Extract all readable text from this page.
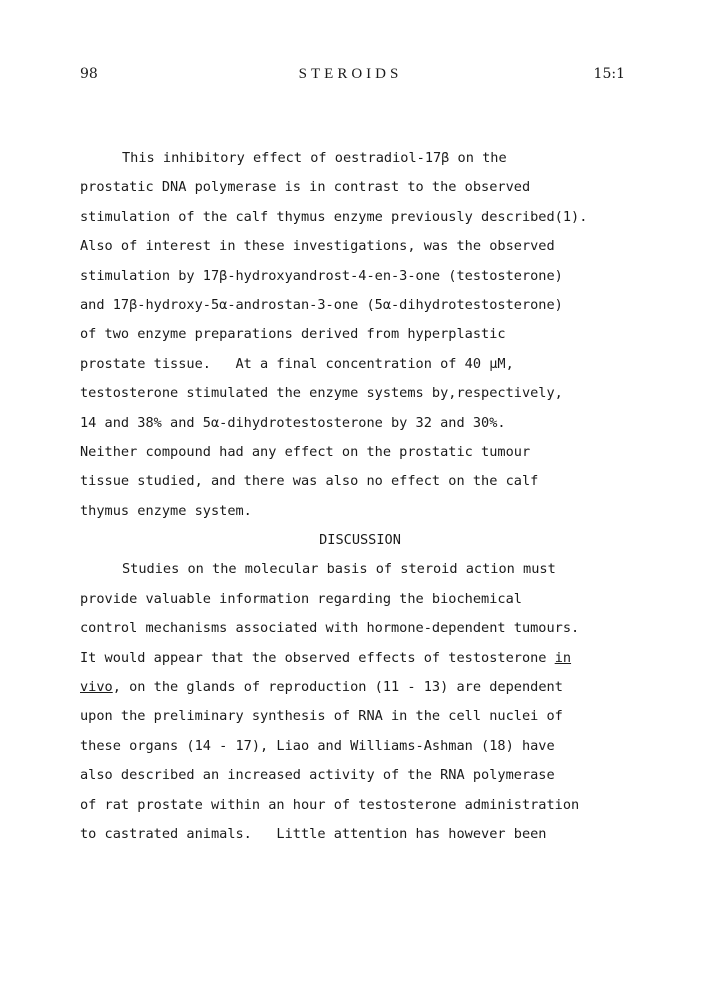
98	STEROIDS	15:1
This inhibitory effect of oestradiol-17β on the
prostatic DNA polymerase is in contrast to the observed
stimulation of the calf thymus enzyme previously described(1).
Also of interest in these investigations, was the observed
stimulation by 17β-hydroxyandrost-4-en-3-one (testosterone)
and 17β-hydroxy-5α-androstan-3-one (5α-dihydrotestosterone)
of two enzyme preparations derived from hyperplastic
prostate tissue.   At a final concentration of 40 μM,
testosterone stimulated the enzyme systems by,respectively,
14 and 38% and 5α-dihydrotestosterone by 32 and 30%.
Neither compound had any effect on the prostatic tumour
tissue studied, and there was also no effect on the calf
thymus enzyme system.
DISCUSSION
Studies on the molecular basis of steroid action must
provide valuable information regarding the biochemical
control mechanisms associated with hormone-dependent tumours.
It would appear that the observed effects of testosterone in
vivo, on the glands of reproduction (11 - 13) are dependent
upon the preliminary synthesis of RNA in the cell nuclei of
these organs (14 - 17), Liao and Williams-Ashman (18) have
also described an increased activity of the RNA polymerase
of rat prostate within an hour of testosterone administration
to castrated animals.   Little attention has however been
